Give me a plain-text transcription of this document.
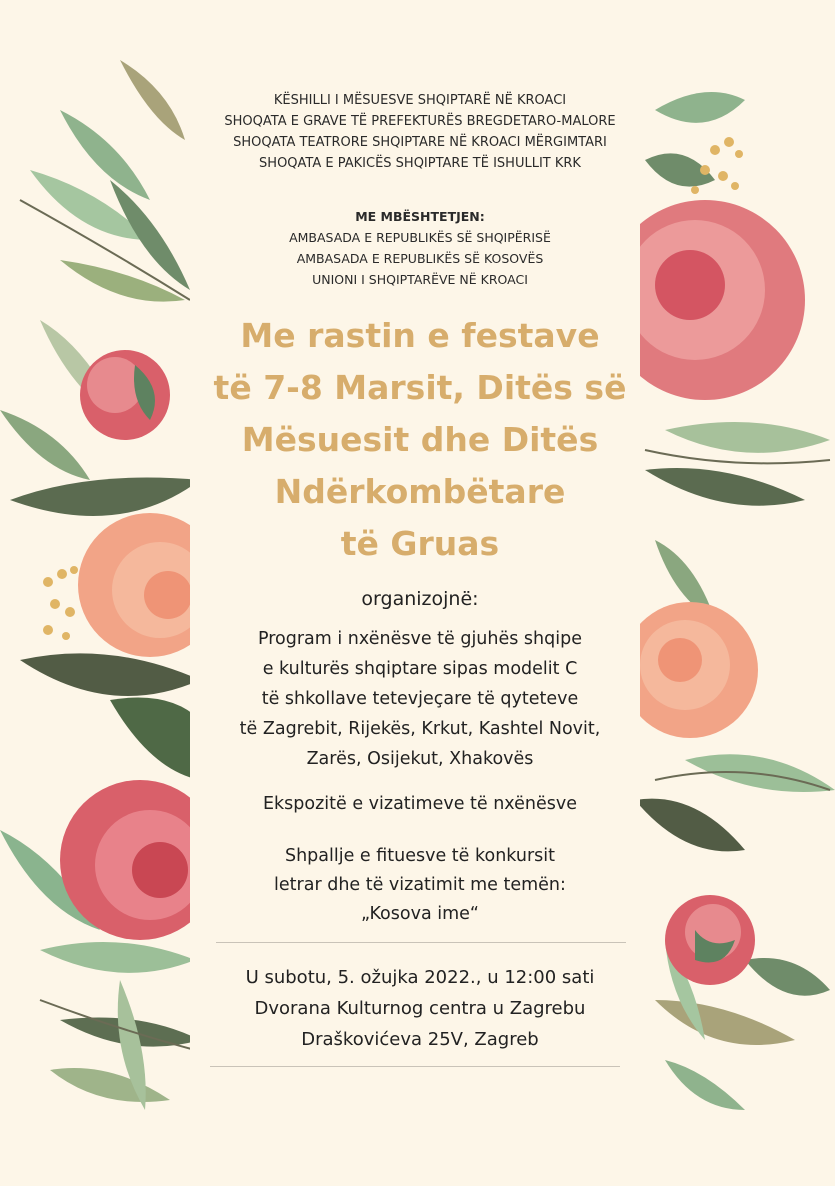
KËSHILLI I MËSUESVE SHQIPTARË NË KROACI
SHOQATA E GRAVE TË PREFEKTURËS BREGDETARO-MALORE
SHOQATA TEATRORE SHQIPTARE NË KROACI MËRGIMTARI
SHOQATA E PAKICËS SHQIPTARE TË ISHULLIT KRK
ME MBËSHTETJEN:
AMBASADA E REPUBLIKËS SË SHQIPËRISË
AMBASADA E REPUBLIKËS SË KOSOVËS
UNIONI I SHQIPTARËVE NË KROACI
Me rastin e festave
të 7-8 Marsit, Ditës së
Mësuesit dhe Ditës
Ndërkombëtare
të Gruas
organizojnë:
Program i nxënësve të gjuhës shqipe
e kulturës shqiptare sipas modelit C
të shkollave tetevjeçare të qyteteve
të Zagrebit, Rijekës, Krkut, Kashtel Novit,
Zarës, Osijekut, Xhakovës
Ekspozitë e vizatimeve të nxënësve
Shpallje e fituesve të konkursit
letrar dhe të vizatimit me temën:
„Kosova ime“
U subotu, 5. ožujka 2022., u 12:00 sati
Dvorana Kulturnog centra u Zagrebu
Draškovićeva 25V, Zagreb
